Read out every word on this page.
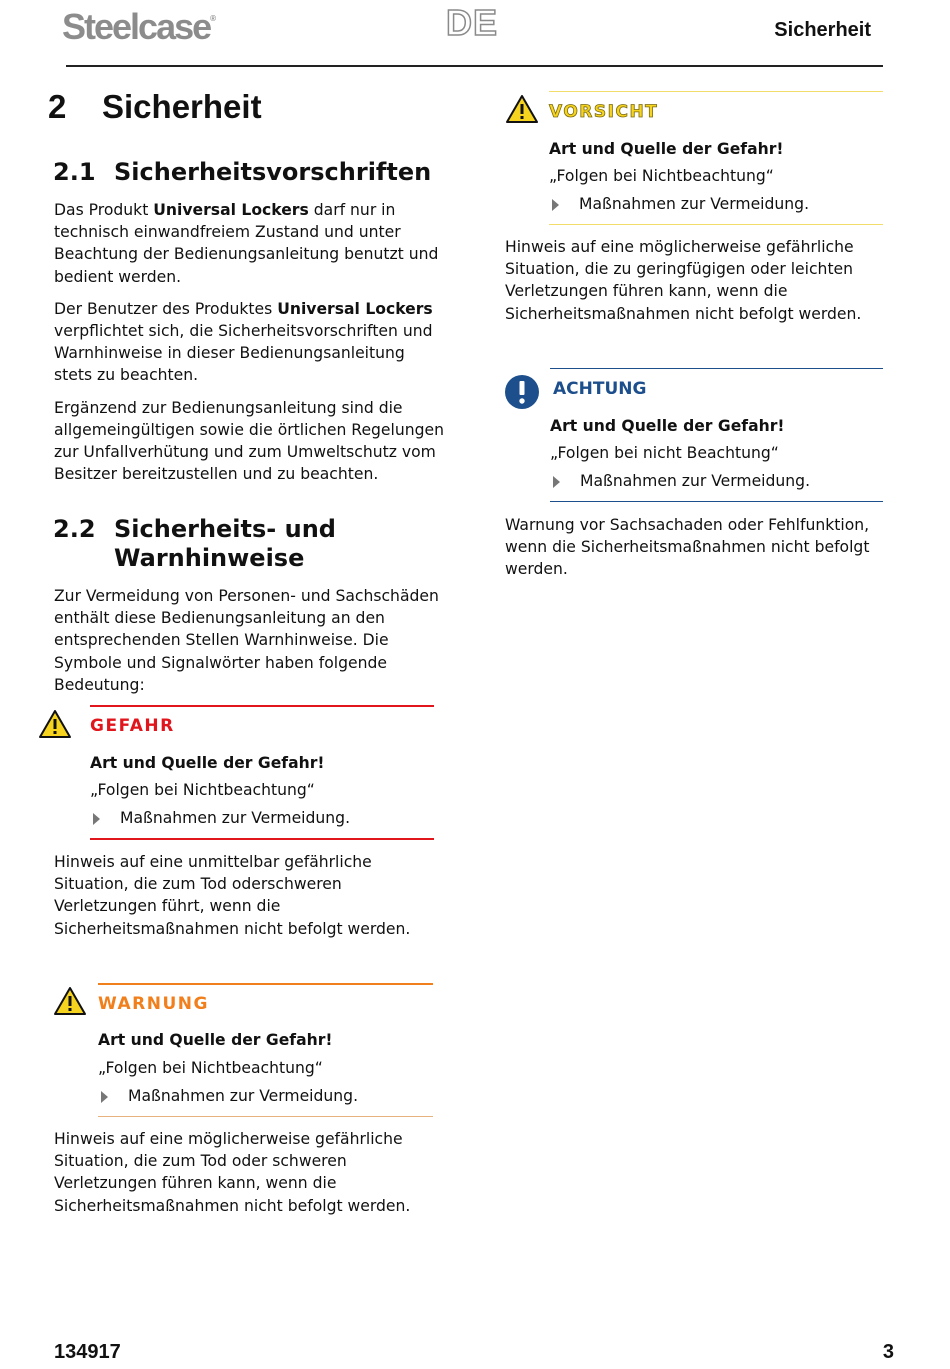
Steelcase®	DE	Sicherheit
2 Sicherheit
2.1 Sicherheitsvorschriften

Das Produkt Universal Lockers darf nur in technisch einwandfreiem Zustand und unter Beachtung der Bedienungsanleitung benutzt und bedient werden.

Der Benutzer des Produktes Universal Lockers verpflichtet sich, die Sicherheitsvorschriften und Warnhinweise in dieser Bedienungsanleitung stets zu beachten.

Ergänzend zur Bedienungsanleitung sind die allgemeingültigen sowie die örtlichen Regelungen zur Unfallverhütung und zum Umweltschutz vom Besitzer bereitzustellen und zu beachten.

2.2 Sicherheits- und
Warnhinweise

Zur Vermeidung von Personen- und Sachschäden enthält diese Bedienungsanleitung an den entsprechenden Stellen Warnhinweise. Die Symbole und Signalwörter haben folgende Bedeutung:

GEFAHR
Art und Quelle der Gefahr!
„Folgen bei Nichtbeachtung“
Maßnahmen zur Vermeidung.

Hinweis auf eine unmittelbar gefährliche Situation, die zum Tod oderschweren Verletzungen führt, wenn die Sicherheitsmaßnahmen nicht befolgt werden.

WARNUNG
Art und Quelle der Gefahr!
„Folgen bei Nichtbeachtung“
Maßnahmen zur Vermeidung.

Hinweis auf eine möglicherweise gefährliche Situation, die zum Tod oder schweren Verletzungen führen kann, wenn die Sicherheitsmaßnahmen nicht befolgt werden.

VORSICHT
Art und Quelle der Gefahr!
„Folgen bei Nichtbeachtung“
Maßnahmen zur Vermeidung.

Hinweis auf eine möglicherweise gefährliche Situation, die zu geringfügigen oder leichten Verletzungen führen kann, wenn die Sicherheitsmaßnahmen nicht befolgt werden.

ACHTUNG
Art und Quelle der Gefahr!
„Folgen bei nicht Beachtung“
Maßnahmen zur Vermeidung.

Warnung vor Sachsachaden oder Fehlfunktion, wenn die Sicherheitsmaßnahmen nicht befolgt werden.

134917	3
